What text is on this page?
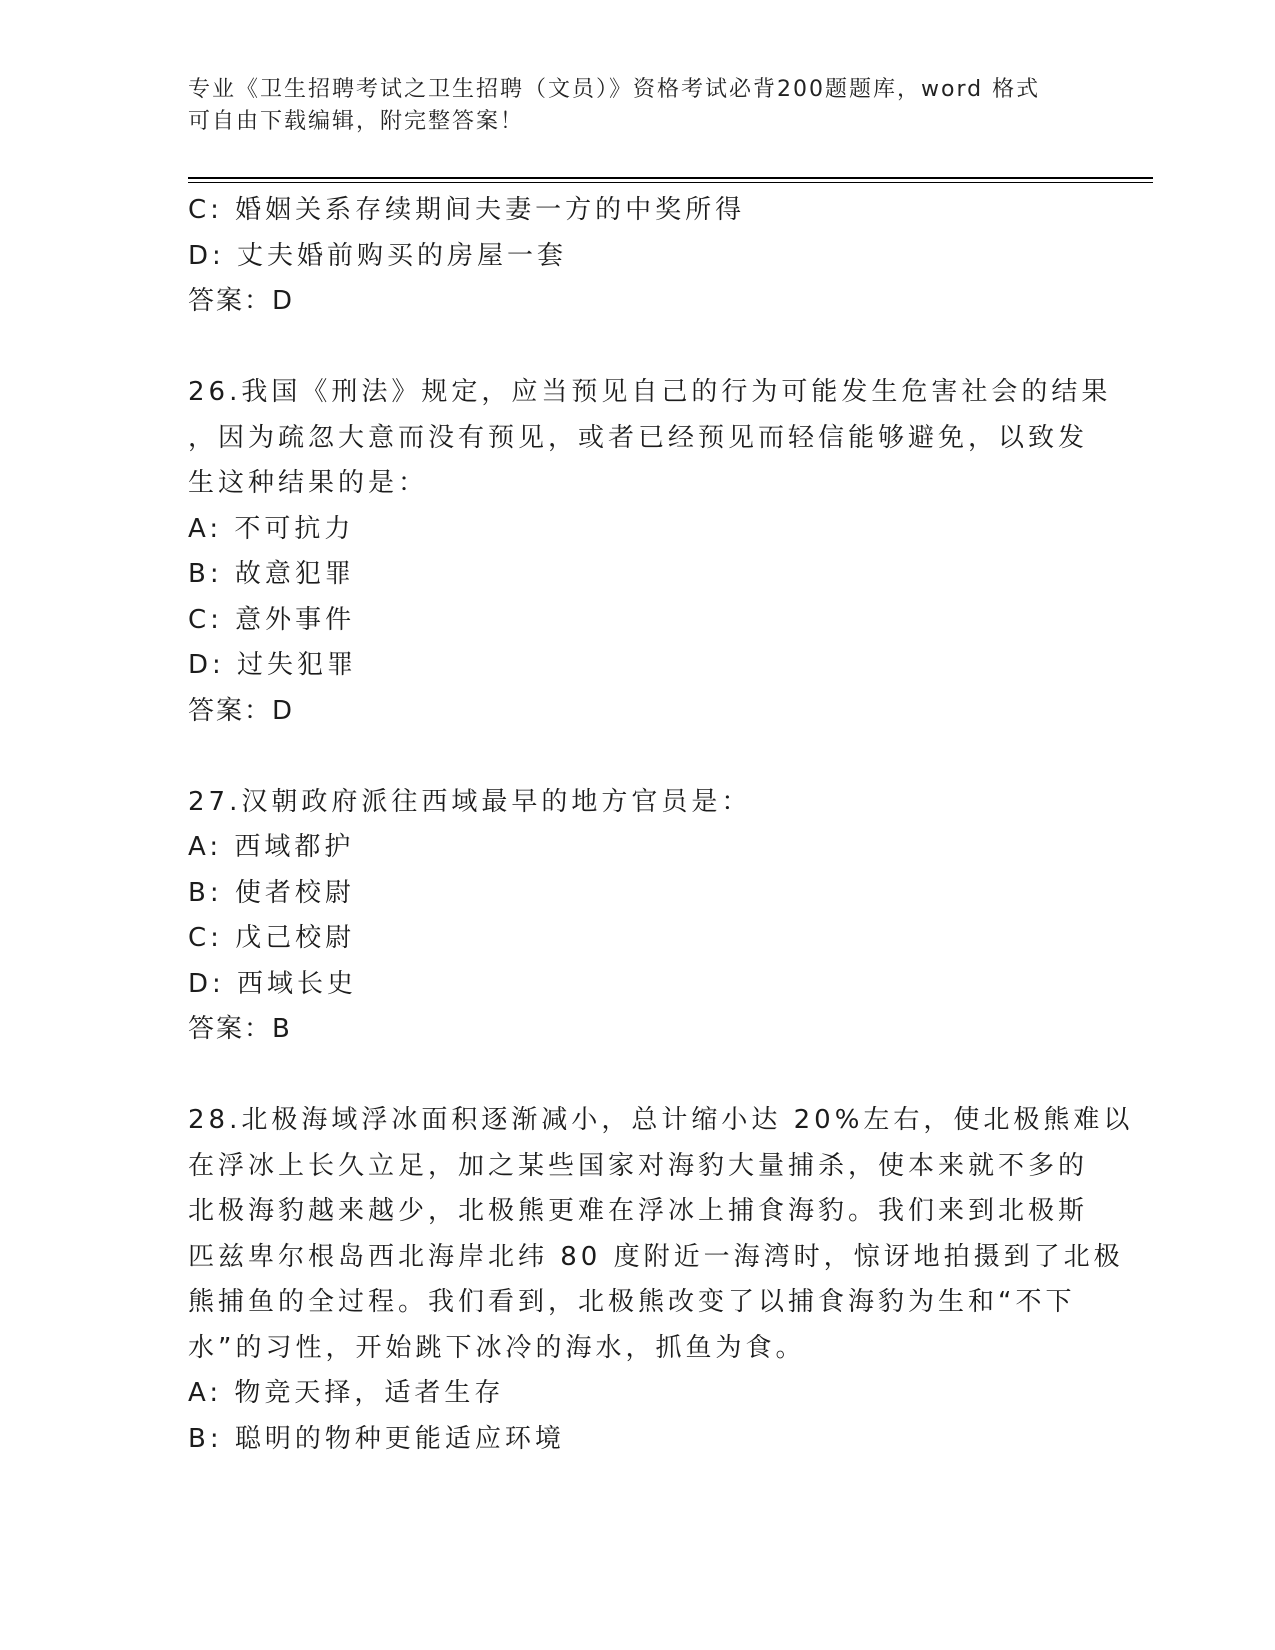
专业《卫生招聘考试之卫生招聘（文员）》资格考试必背200题题库，word 格式
可自由下载编辑，附完整答案！
C: 婚姻关系存续期间夫妻一方的中奖所得
D: 丈夫婚前购买的房屋一套
答案：D
26.我国《刑法》规定，应当预见自己的行为可能发生危害社会的结果
，因为疏忽大意而没有预见，或者已经预见而轻信能够避免，以致发
生这种结果的是：
A: 不可抗力
B: 故意犯罪
C: 意外事件
D: 过失犯罪
答案：D
27.汉朝政府派往西域最早的地方官员是：
A: 西域都护
B: 使者校尉
C: 戊己校尉
D: 西域长史
答案：B
28.北极海域浮冰面积逐渐减小，总计缩小达 20%左右，使北极熊难以
在浮冰上长久立足，加之某些国家对海豹大量捕杀，使本来就不多的
北极海豹越来越少，北极熊更难在浮冰上捕食海豹。我们来到北极斯
匹兹卑尔根岛西北海岸北纬 80 度附近一海湾时，惊讶地拍摄到了北极
熊捕鱼的全过程。我们看到，北极熊改变了以捕食海豹为生和“不下
水”的习性，开始跳下冰冷的海水，抓鱼为食。
A: 物竞天择，适者生存
B: 聪明的物种更能适应环境
